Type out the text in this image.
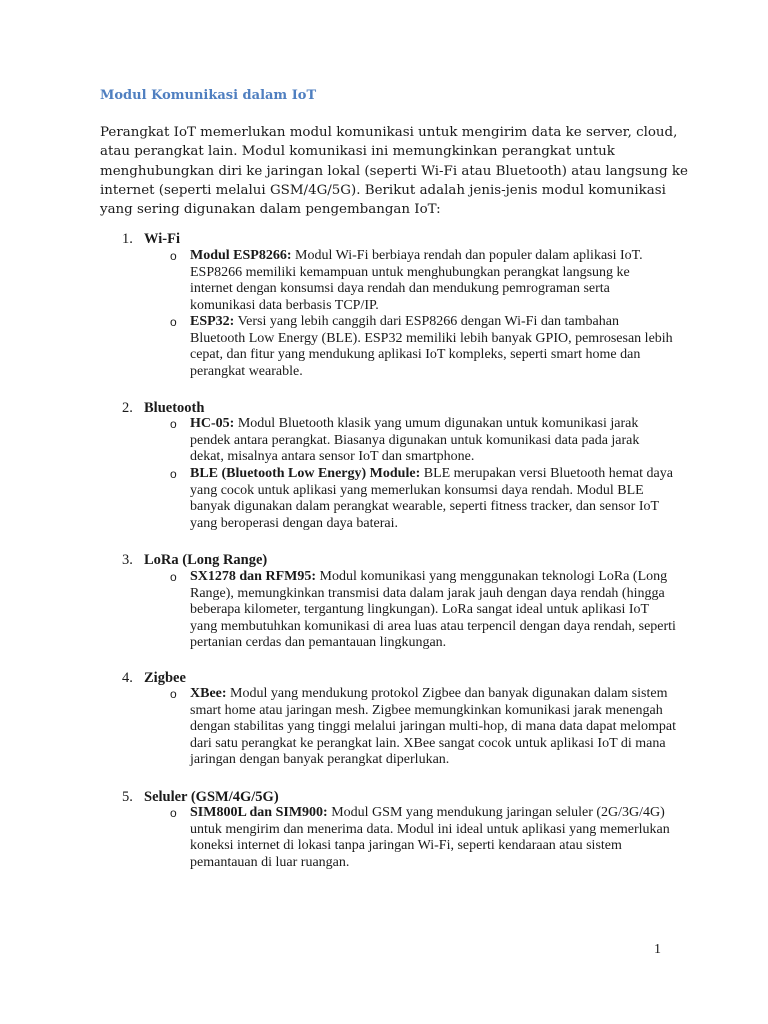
Modul Komunikasi dalam IoT

Perangkat IoT memerlukan modul komunikasi untuk mengirim data ke server, cloud, atau perangkat lain. Modul komunikasi ini memungkinkan perangkat untuk menghubungkan diri ke jaringan lokal (seperti Wi-Fi atau Bluetooth) atau langsung ke internet (seperti melalui GSM/4G/5G). Berikut adalah jenis-jenis modul komunikasi yang sering digunakan dalam pengembangan IoT:

1. Wi-Fi
o Modul ESP8266: Modul Wi-Fi berbiaya rendah dan populer dalam aplikasi IoT. ESP8266 memiliki kemampuan untuk menghubungkan perangkat langsung ke internet dengan konsumsi daya rendah dan mendukung pemrograman serta komunikasi data berbasis TCP/IP.

o ESP32: Versi yang lebih canggih dari ESP8266 dengan Wi-Fi dan tambahan Bluetooth Low Energy (BLE). ESP32 memiliki lebih banyak GPIO, pemrosesan lebih cepat, dan fitur yang mendukung aplikasi IoT kompleks, seperti smart home dan perangkat wearable.

2. Bluetooth
o HC-05: Modul Bluetooth klasik yang umum digunakan untuk komunikasi jarak pendek antara perangkat. Biasanya digunakan untuk komunikasi data pada jarak dekat, misalnya antara sensor IoT dan smartphone.

o BLE (Bluetooth Low Energy) Module: BLE merupakan versi Bluetooth hemat daya yang cocok untuk aplikasi yang memerlukan konsumsi daya rendah. Modul BLE banyak digunakan dalam perangkat wearable, seperti fitness tracker, dan sensor IoT yang beroperasi dengan daya baterai.

3. LoRa (Long Range)
o SX1278 dan RFM95: Modul komunikasi yang menggunakan teknologi LoRa (Long Range), memungkinkan transmisi data dalam jarak jauh dengan daya rendah (hingga beberapa kilometer, tergantung lingkungan). LoRa sangat ideal untuk aplikasi IoT yang membutuhkan komunikasi di area luas atau terpencil dengan daya rendah, seperti pertanian cerdas dan pemantauan lingkungan.

4. Zigbee
o XBee: Modul yang mendukung protokol Zigbee dan banyak digunakan dalam sistem smart home atau jaringan mesh. Zigbee memungkinkan komunikasi jarak menengah dengan stabilitas yang tinggi melalui jaringan multi-hop, di mana data dapat melompat dari satu perangkat ke perangkat lain. XBee sangat cocok untuk aplikasi IoT di mana jaringan dengan banyak perangkat diperlukan.

5. Seluler (GSM/4G/5G)
o SIM800L dan SIM900: Modul GSM yang mendukung jaringan seluler (2G/3G/4G) untuk mengirim dan menerima data. Modul ini ideal untuk aplikasi yang memerlukan koneksi internet di lokasi tanpa jaringan Wi-Fi, seperti kendaraan atau sistem pemantauan di luar ruangan.

1
